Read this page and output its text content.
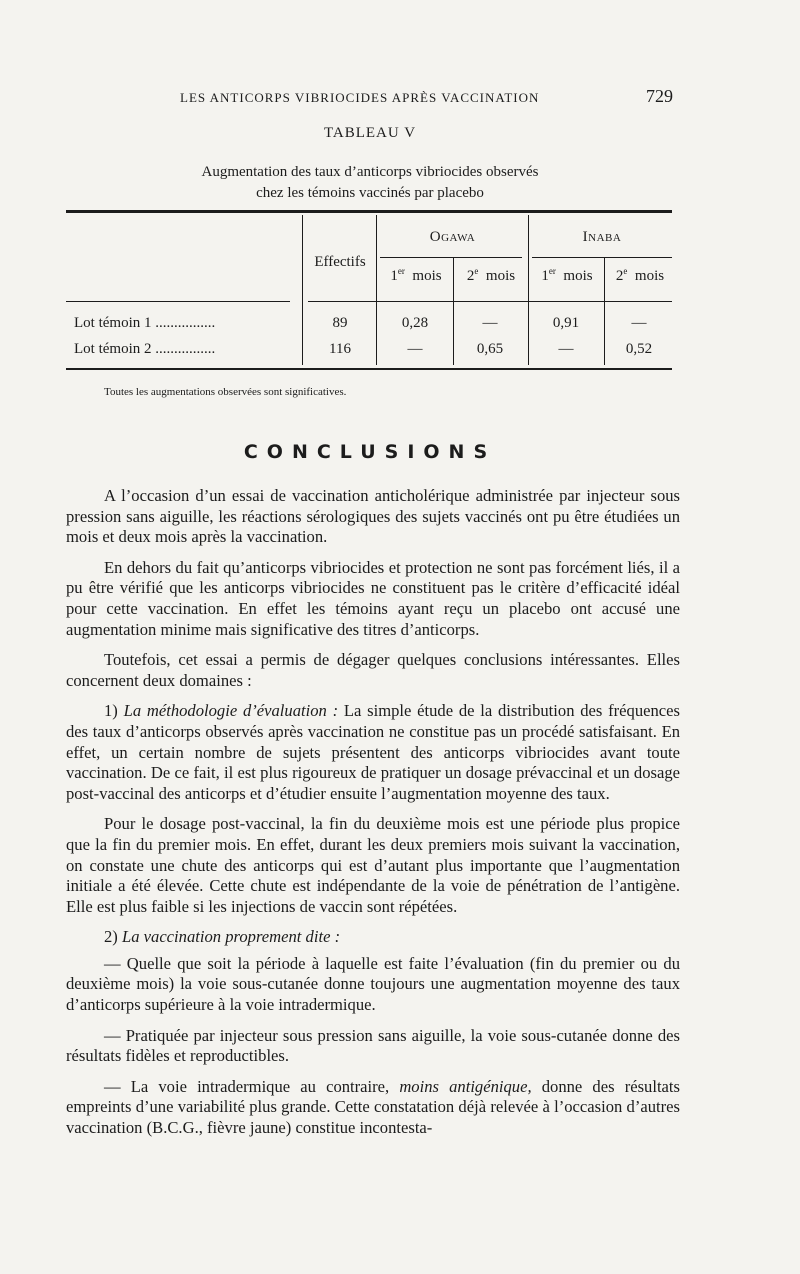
LES ANTICORPS VIBRIOCIDES APRÈS VACCINATION	729
TABLEAU V
Augmentation des taux d’anticorps vibriocides observés
chez les témoins vaccinés par placebo
Ogawa	Inaba
Effectifs
1er mois	2e mois	1er mois	2e mois
Lot témoin 1 ................	89	0,28	—	0,91	—
Lot témoin 2 ................	116	—	0,65	—	0,52
Toutes les augmentations observées sont significatives.
CONCLUSIONS

A l’occasion d’un essai de vaccination anticholérique administrée par injecteur sous pression sans aiguille, les réactions sérologiques des sujets vaccinés ont pu être étudiées un mois et deux mois après la vaccination.

En dehors du fait qu’anticorps vibriocides et protection ne sont pas forcément liés, il a pu être vérifié que les anticorps vibriocides ne constituent pas le critère d’efficacité idéal pour cette vaccination. En effet les témoins ayant reçu un placebo ont accusé une augmentation minime mais significative des titres d’anticorps.

Toutefois, cet essai a permis de dégager quelques conclusions intéressantes. Elles concernent deux domaines :

1) La méthodologie d’évaluation : La simple étude de la distribution des fréquences des taux d’anticorps observés après vaccination ne constitue pas un procédé satisfaisant. En effet, un certain nombre de sujets présentent des anticorps vibriocides avant toute vaccination. De ce fait, il est plus rigoureux de pratiquer un dosage prévaccinal et un dosage post-vaccinal des anticorps et d’étudier ensuite l’augmentation moyenne des taux.

Pour le dosage post-vaccinal, la fin du deuxième mois est une période plus propice que la fin du premier mois. En effet, durant les deux premiers mois suivant la vaccination, on constate une chute des anticorps qui est d’autant plus importante que l’augmentation initiale a été élevée. Cette chute est indépendante de la voie de pénétration de l’antigène. Elle est plus faible si les injections de vaccin sont répétées.

2) La vaccination proprement dite :

— Quelle que soit la période à laquelle est faite l’évaluation (fin du premier ou du deuxième mois) la voie sous-cutanée donne toujours une augmentation moyenne des taux d’anticorps supérieure à la voie intradermique.

— Pratiquée par injecteur sous pression sans aiguille, la voie sous-cutanée donne des résultats fidèles et reproductibles.

— La voie intradermique au contraire, moins antigénique, donne des résultats empreints d’une variabilité plus grande. Cette constatation déjà relevée à l’occasion d’autres vaccination (B.C.G., fièvre jaune) constitue incontesta-
